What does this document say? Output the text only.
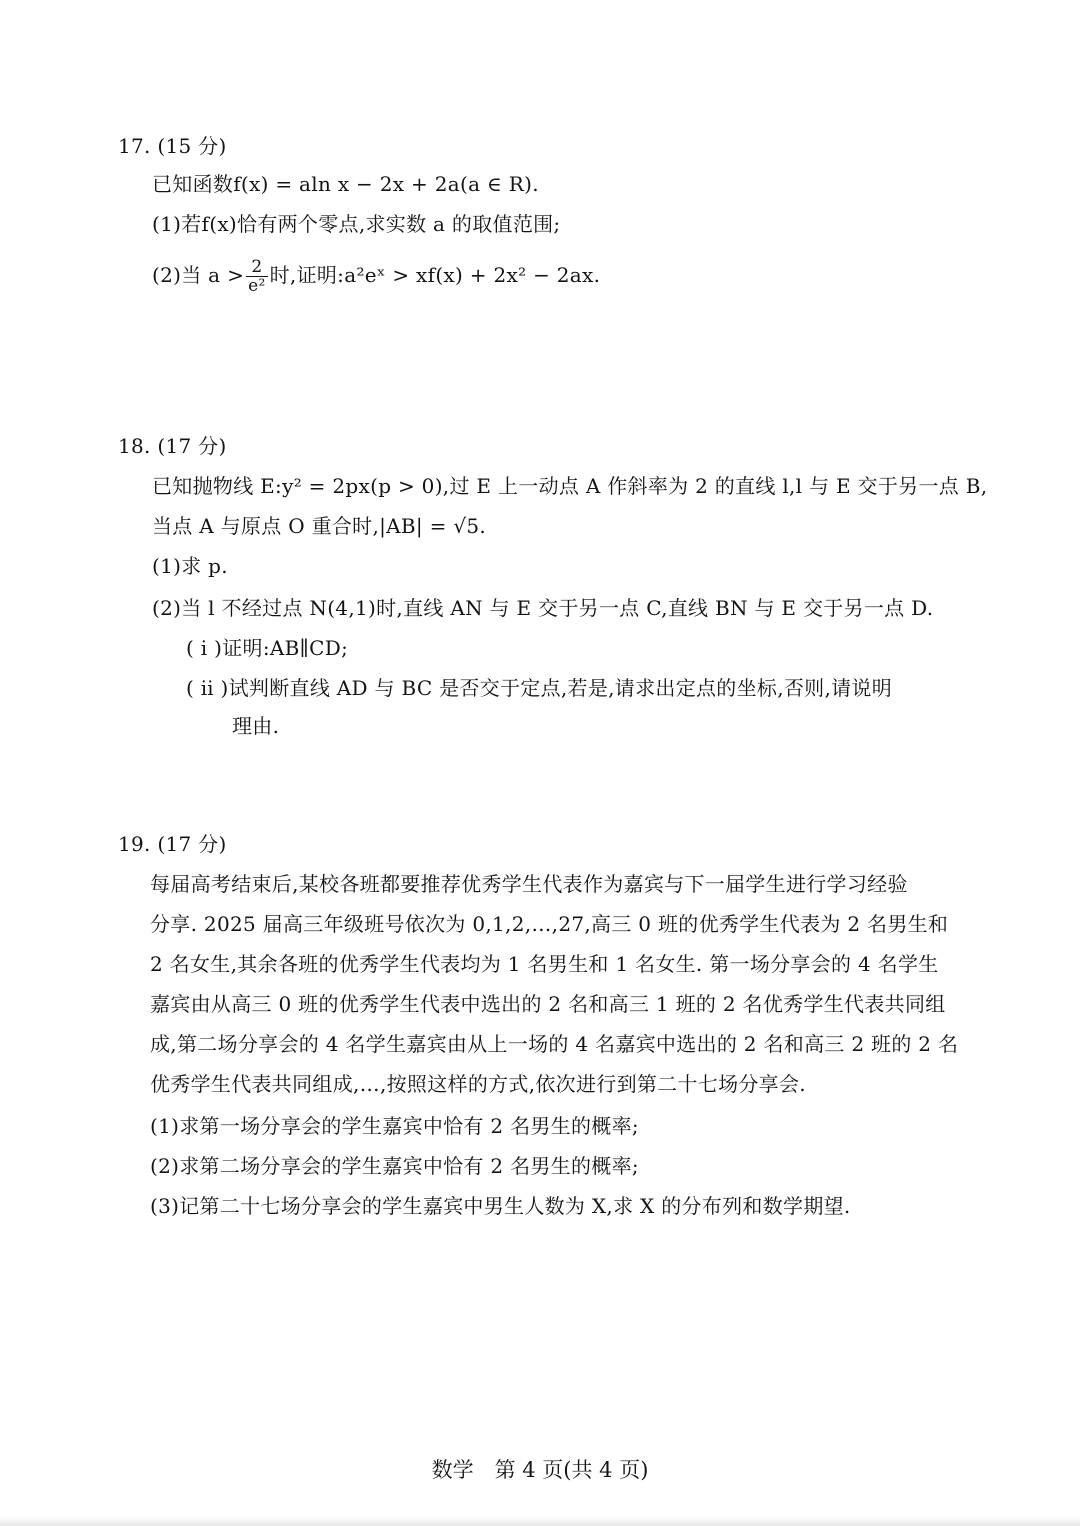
17. (15 分)
已知函数f(x) = aln x − 2x + 2a(a ∈ R).
(1)若f(x)恰有两个零点,求实数 a 的取值范围;
(2)当 $a > \frac{2}{\text{e²}}$ 时,证明:a²eˣ > xf(x) + 2x² − 2ax.
18. (17 分)
已知抛物线 E:y² = 2px(p > 0),过 E 上一动点 A 作斜率为 2 的直线 l,l 与 E 交于另一点 B,
当点 A 与原点 O 重合时,|AB| = √5.
(1)求 p.
(2)当 l 不经过点 N(4,1)时,直线 AN 与 E 交于另一点 C,直线 BN 与 E 交于另一点 D.
( ⅰ )证明:AB∥CD;
( ⅱ )试判断直线 AD 与 BC 是否交于定点,若是,请求出定点的坐标,否则,请说明
理由.
19. (17 分)
每届高考结束后,某校各班都要推荐优秀学生代表作为嘉宾与下一届学生进行学习经验
分享. 2025 届高三年级班号依次为 0,1,2,…,27,高三 0 班的优秀学生代表为 2 名男生和
2 名女生,其余各班的优秀学生代表均为 1 名男生和 1 名女生. 第一场分享会的 4 名学生
嘉宾由从高三 0 班的优秀学生代表中选出的 2 名和高三 1 班的 2 名优秀学生代表共同组
成,第二场分享会的 4 名学生嘉宾由从上一场的 4 名嘉宾中选出的 2 名和高三 2 班的 2 名
优秀学生代表共同组成,…,按照这样的方式,依次进行到第二十七场分享会.
(1)求第一场分享会的学生嘉宾中恰有 2 名男生的概率;
(2)求第二场分享会的学生嘉宾中恰有 2 名男生的概率;
(3)记第二十七场分享会的学生嘉宾中男生人数为 X,求 X 的分布列和数学期望.
数学　第 4 页(共 4 页)
